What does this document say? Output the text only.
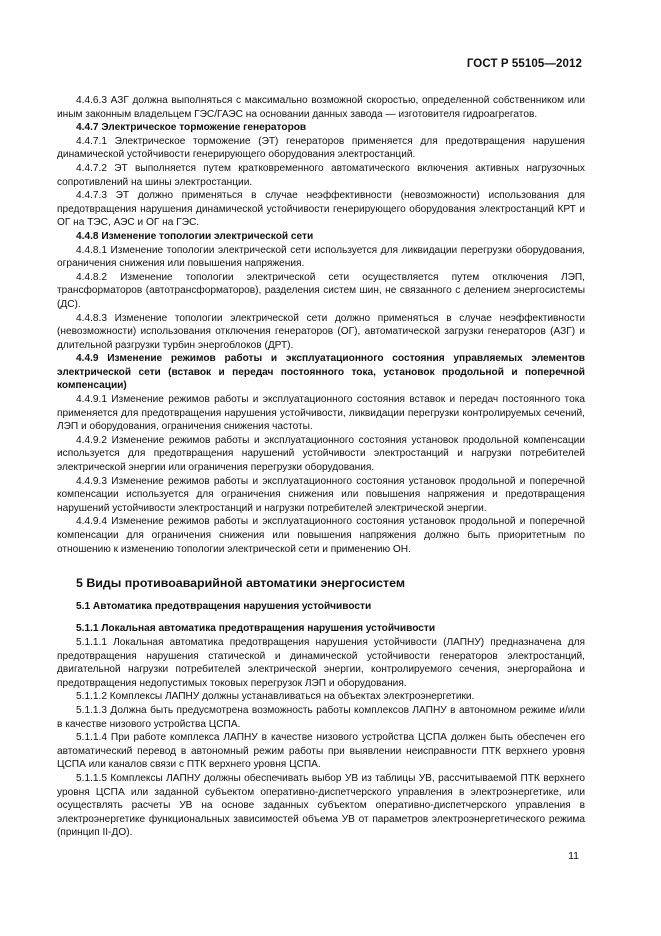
ГОСТ Р 55105—2012

4.4.6.3 АЗГ должна выполняться с максимально возможной скоростью, определенной собственником или иным законным владельцем ГЭС/ГАЭС на основании данных завода — изготовителя гидроагрегатов.

4.4.7 Электрическое торможение генераторов

4.4.7.1 Электрическое торможение (ЭТ) генераторов применяется для предотвращения нарушения динамической устойчивости генерирующего оборудования электростанций.

4.4.7.2 ЭТ выполняется путем кратковременного автоматического включения активных нагрузочных сопротивлений на шины электростанции.

4.4.7.3 ЭТ должно применяться в случае неэффективности (невозможности) использования для предотвращения нарушения динамической устойчивости генерирующего оборудования электростанций КРТ и ОГ на ТЭС, АЭС и ОГ на ГЭС.

4.4.8 Изменение топологии электрической сети

4.4.8.1 Изменение топологии электрической сети используется для ликвидации перегрузки оборудования, ограничения снижения или повышения напряжения.

4.4.8.2 Изменение топологии электрической сети осуществляется путем отключения ЛЭП, трансформаторов (автотрансформаторов), разделения систем шин, не связанного с делением энергосистемы (ДС).

4.4.8.3 Изменение топологии электрической сети должно применяться в случае неэффективности (невозможности) использования отключения генераторов (ОГ), автоматической загрузки генераторов (АЗГ) и длительной разгрузки турбин энергоблоков (ДРТ).

4.4.9 Изменение режимов работы и эксплуатационного состояния управляемых элементов электрической сети (вставок и передач постоянного тока, установок продольной и поперечной компенсации)

4.4.9.1 Изменение режимов работы и эксплуатационного состояния вставок и передач постоянного тока применяется для предотвращения нарушения устойчивости, ликвидации перегрузки контролируемых сечений, ЛЭП и оборудования, ограничения снижения частоты.

4.4.9.2 Изменение режимов работы и эксплуатационного состояния установок продольной компенсации используется для предотвращения нарушений устойчивости электростанций и нагрузки потребителей электрической энергии или ограничения перегрузки оборудования.

4.4.9.3 Изменение режимов работы и эксплуатационного состояния установок продольной и поперечной компенсации используется для ограничения снижения или повышения напряжения и предотвращения нарушений устойчивости электростанций и нагрузки потребителей электрической энергии.

4.4.9.4 Изменение режимов работы и эксплуатационного состояния установок продольной и поперечной компенсации для ограничения снижения или повышения напряжения должно быть приоритетным по отношению к изменению топологии электрической сети и применению ОН.

5 Виды противоаварийной автоматики энергосистем
5.1 Автоматика предотвращения нарушения устойчивости
5.1.1 Локальная автоматика предотвращения нарушения устойчивости

5.1.1.1 Локальная автоматика предотвращения нарушения устойчивости (ЛАПНУ) предназначена для предотвращения нарушения статической и динамической устойчивости генераторов электростанций, двигательной нагрузки потребителей электрической энергии, контролируемого сечения, энергорайона и предотвращения недопустимых токовых перегрузок ЛЭП и оборудования.

5.1.1.2 Комплексы ЛАПНУ должны устанавливаться на объектах электроэнергетики.

5.1.1.3 Должна быть предусмотрена возможность работы комплексов ЛАПНУ в автономном режиме и/или в качестве низового устройства ЦСПА.

5.1.1.4 При работе комплекса ЛАПНУ в качестве низового устройства ЦСПА должен быть обеспечен его автоматический перевод в автономный режим работы при выявлении неисправности ПТК верхнего уровня ЦСПА или каналов связи с ПТК верхнего уровня ЦСПА.

5.1.1.5 Комплексы ЛАПНУ должны обеспечивать выбор УВ из таблицы УВ, рассчитываемой ПТК верхнего уровня ЦСПА или заданной субъектом оперативно-диспетчерского управления в электроэнергетике, или осуществлять расчеты УВ на основе заданных субъектом оперативно-диспетчерского управления в электроэнергетике функциональных зависимостей объема УВ от параметров электроэнергетического режима (принцип II-ДО).

11
